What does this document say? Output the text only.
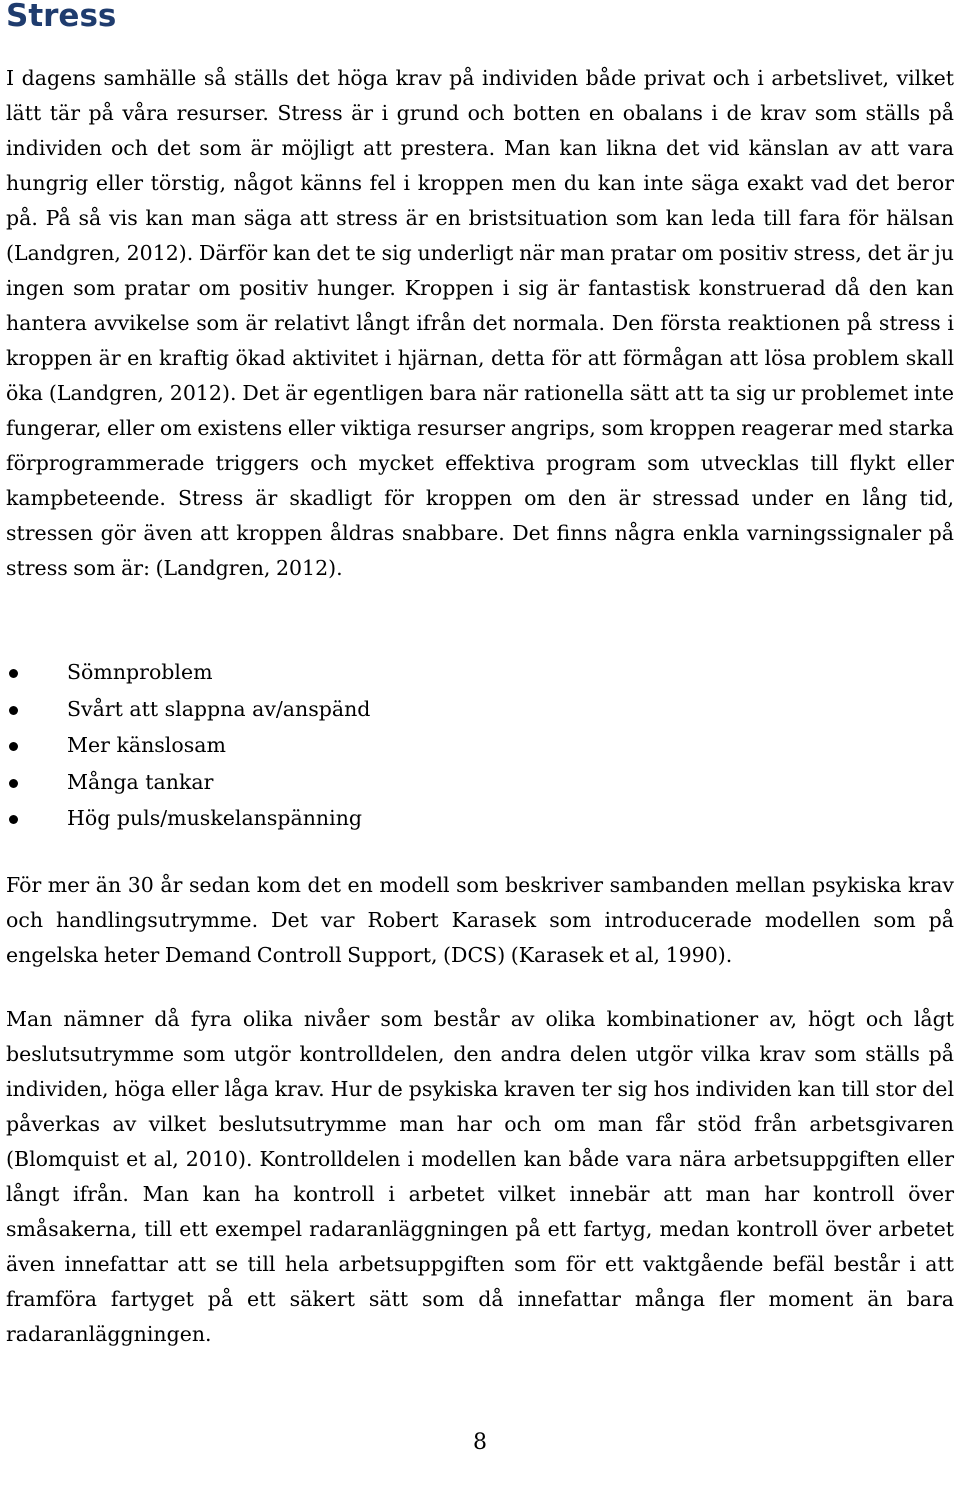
Stress

I dagens samhälle så ställs det höga krav på individen både privat och i arbetslivet, vilket lätt tär på våra resurser. Stress är i grund och botten en obalans i de krav som ställs på individen och det som är möjligt att prestera. Man kan likna det vid känslan av att vara hungrig eller törstig, något känns fel i kroppen men du kan inte säga exakt vad det beror på. På så vis kan man säga att stress är en bristsituation som kan leda till fara för hälsan (Landgren, 2012). Därför kan det te sig underligt när man pratar om positiv stress, det är ju ingen som pratar om positiv hunger. Kroppen i sig är fantastisk konstruerad då den kan hantera avvikelse som är relativt långt ifrån det normala. Den första reaktionen på stress i kroppen är en kraftig ökad aktivitet i hjärnan, detta för att förmågan att lösa problem skall öka (Landgren, 2012). Det är egentligen bara när rationella sätt att ta sig ur problemet inte fungerar, eller om existens eller viktiga resurser angrips, som kroppen reagerar med starka förprogrammerade triggers och mycket effektiva program som utvecklas till flykt eller kampbeteende. Stress är skadligt för kroppen om den är stressad under en lång tid, stressen gör även att kroppen åldras snabbare. Det finns några enkla varningssignaler på stress som är: (Landgren, 2012).

Sömnproblem
Svårt att slappna av/anspänd
Mer känslosam
Många tankar
Hög puls/muskelanspänning

För mer än 30 år sedan kom det en modell som beskriver sambanden mellan psykiska krav och handlingsutrymme. Det var Robert Karasek som introducerade modellen som på engelska heter Demand Controll Support, (DCS) (Karasek et al, 1990).

Man nämner då fyra olika nivåer som består av olika kombinationer av, högt och lågt beslutsutrymme som utgör kontrolldelen, den andra delen utgör vilka krav som ställs på individen, höga eller låga krav. Hur de psykiska kraven ter sig hos individen kan till stor del påverkas av vilket beslutsutrymme man har och om man får stöd från arbetsgivaren (Blomquist et al, 2010). Kontrolldelen i modellen kan både vara nära arbetsuppgiften eller långt ifrån. Man kan ha kontroll i arbetet vilket innebär att man har kontroll över småsakerna, till ett exempel radaranläggningen på ett fartyg, medan kontroll över arbetet även innefattar att se till hela arbetsuppgiften som för ett vaktgående befäl består i att framföra fartyget på ett säkert sätt som då innefattar många fler moment än bara radaranläggningen.

8
